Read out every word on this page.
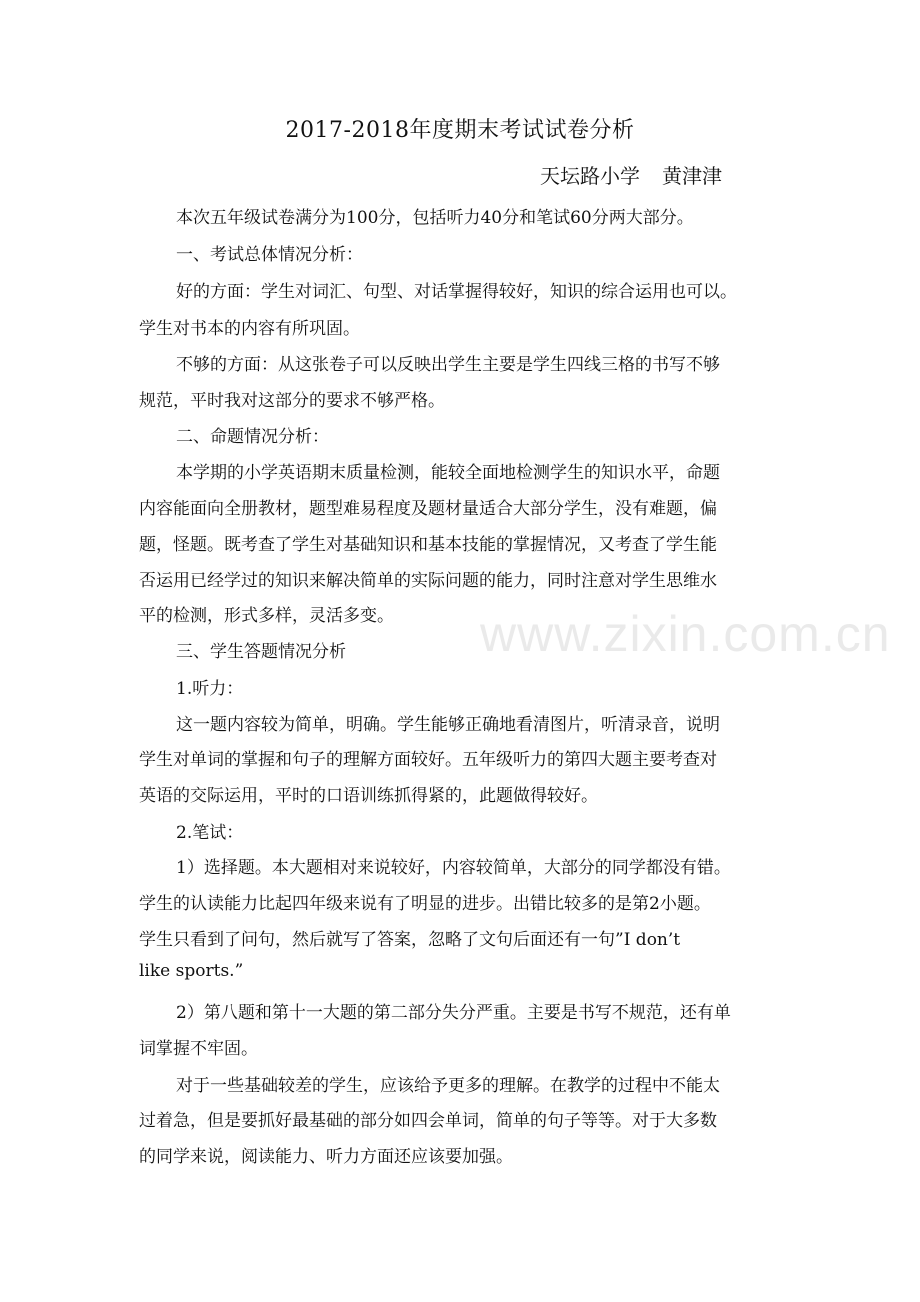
2017-2018年度期末考试试卷分析
天坛路小学 黄津津
本次五年级试卷满分为100分，包括听力40分和笔试60分两大部分。
一、考试总体情况分析：
好的方面：学生对词汇、句型、对话掌握得较好，知识的综合运用也可以。
学生对书本的内容有所巩固。
不够的方面：从这张卷子可以反映出学生主要是学生四线三格的书写不够
规范，平时我对这部分的要求不够严格。
二、命题情况分析：
本学期的小学英语期末质量检测，能较全面地检测学生的知识水平，命题
内容能面向全册教材，题型难易程度及题材量适合大部分学生，没有难题，偏
题，怪题。既考查了学生对基础知识和基本技能的掌握情况，又考查了学生能
否运用已经学过的知识来解决简单的实际问题的能力，同时注意对学生思维水
平的检测，形式多样，灵活多变。
三、学生答题情况分析
1.听力：
这一题内容较为简单，明确。学生能够正确地看清图片，听清录音，说明
学生对单词的掌握和句子的理解方面较好。五年级听力的第四大题主要考查对
英语的交际运用，平时的口语训练抓得紧的，此题做得较好。
2.笔试：
1）选择题。本大题相对来说较好，内容较简单，大部分的同学都没有错。
学生的认读能力比起四年级来说有了明显的进步。出错比较多的是第2小题。
学生只看到了问句，然后就写了答案，忽略了文句后面还有一句”I don’t
like sports.”
2）第八题和第十一大题的第二部分失分严重。主要是书写不规范，还有单
词掌握不牢固。
对于一些基础较差的学生，应该给予更多的理解。在教学的过程中不能太
过着急，但是要抓好最基础的部分如四会单词，简单的句子等等。对于大多数
的同学来说，阅读能力、听力方面还应该要加强。
www.zixin.com.cn
